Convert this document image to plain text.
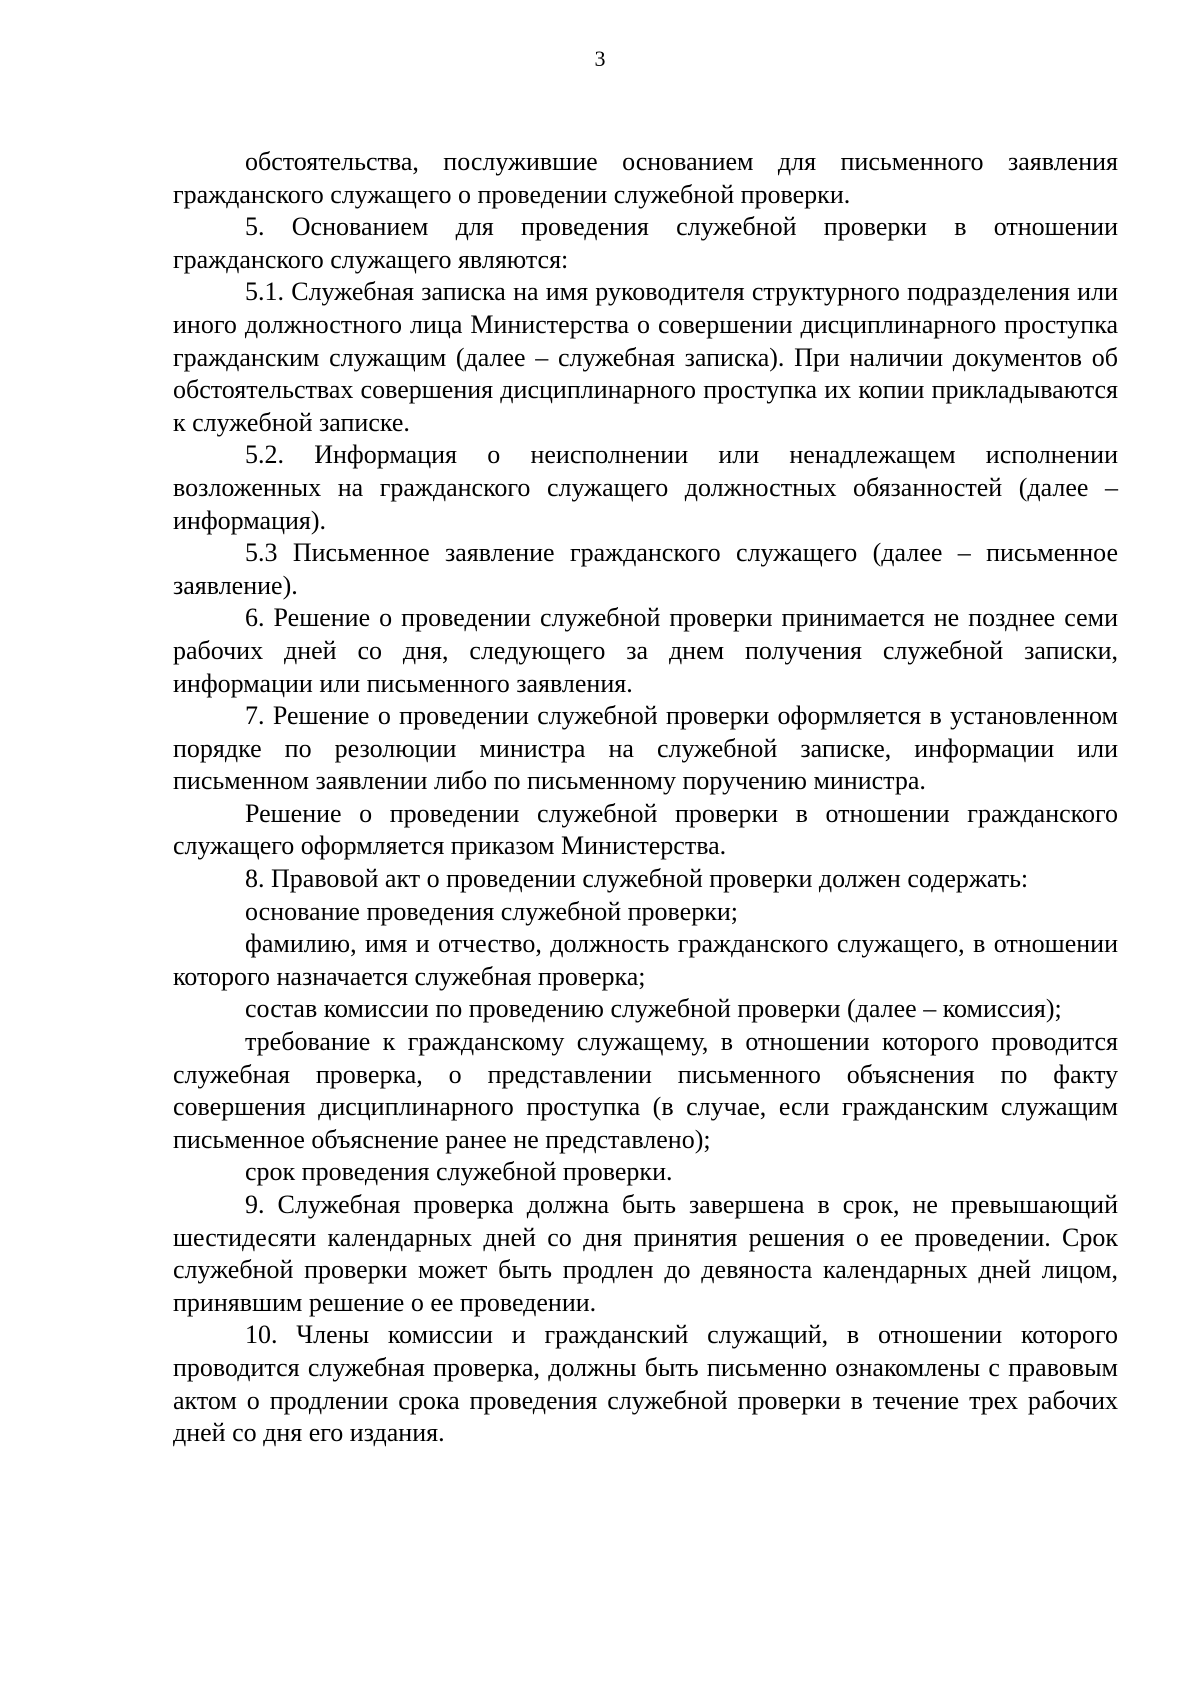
3

обстоятельства, послужившие основанием для письменного заявления гражданского служащего о проведении служебной проверки.

5. Основанием для проведения служебной проверки в отношении гражданского служащего являются:

5.1. Служебная записка на имя руководителя структурного подразделения или иного должностного лица Министерства о совершении дисциплинарного проступка гражданским служащим (далее – служебная записка). При наличии документов об обстоятельствах совершения дисциплинарного проступка их копии прикладываются к служебной записке.

5.2. Информация о неисполнении или ненадлежащем исполнении возложенных на гражданского служащего должностных обязанностей (далее – информация).

5.3 Письменное заявление гражданского служащего (далее – письменное заявление).

6. Решение о проведении служебной проверки принимается не позднее семи рабочих дней со дня, следующего за днем получения служебной записки, информации или письменного заявления.

7. Решение о проведении служебной проверки оформляется в установленном порядке по резолюции министра на служебной записке, информации или письменном заявлении либо по письменному поручению министра.

Решение о проведении служебной проверки в отношении гражданского служащего оформляется приказом Министерства.

8. Правовой акт о проведении служебной проверки должен содержать:

основание проведения служебной проверки;

фамилию, имя и отчество, должность гражданского служащего, в отношении которого назначается служебная проверка;

состав комиссии по проведению служебной проверки (далее – комиссия);

требование к гражданскому служащему, в отношении которого проводится служебная проверка, о представлении письменного объяснения по факту совершения дисциплинарного проступка (в случае, если гражданским служащим письменное объяснение ранее не представлено);

срок проведения служебной проверки.

9. Служебная проверка должна быть завершена в срок, не превышающий шестидесяти календарных дней со дня принятия решения о ее проведении. Срок служебной проверки может быть продлен до девяноста календарных дней лицом, принявшим решение о ее проведении.

10. Члены комиссии и гражданский служащий, в отношении которого проводится служебная проверка, должны быть письменно ознакомлены с правовым актом о продлении срока проведения служебной проверки в течение трех рабочих дней со дня его издания.
